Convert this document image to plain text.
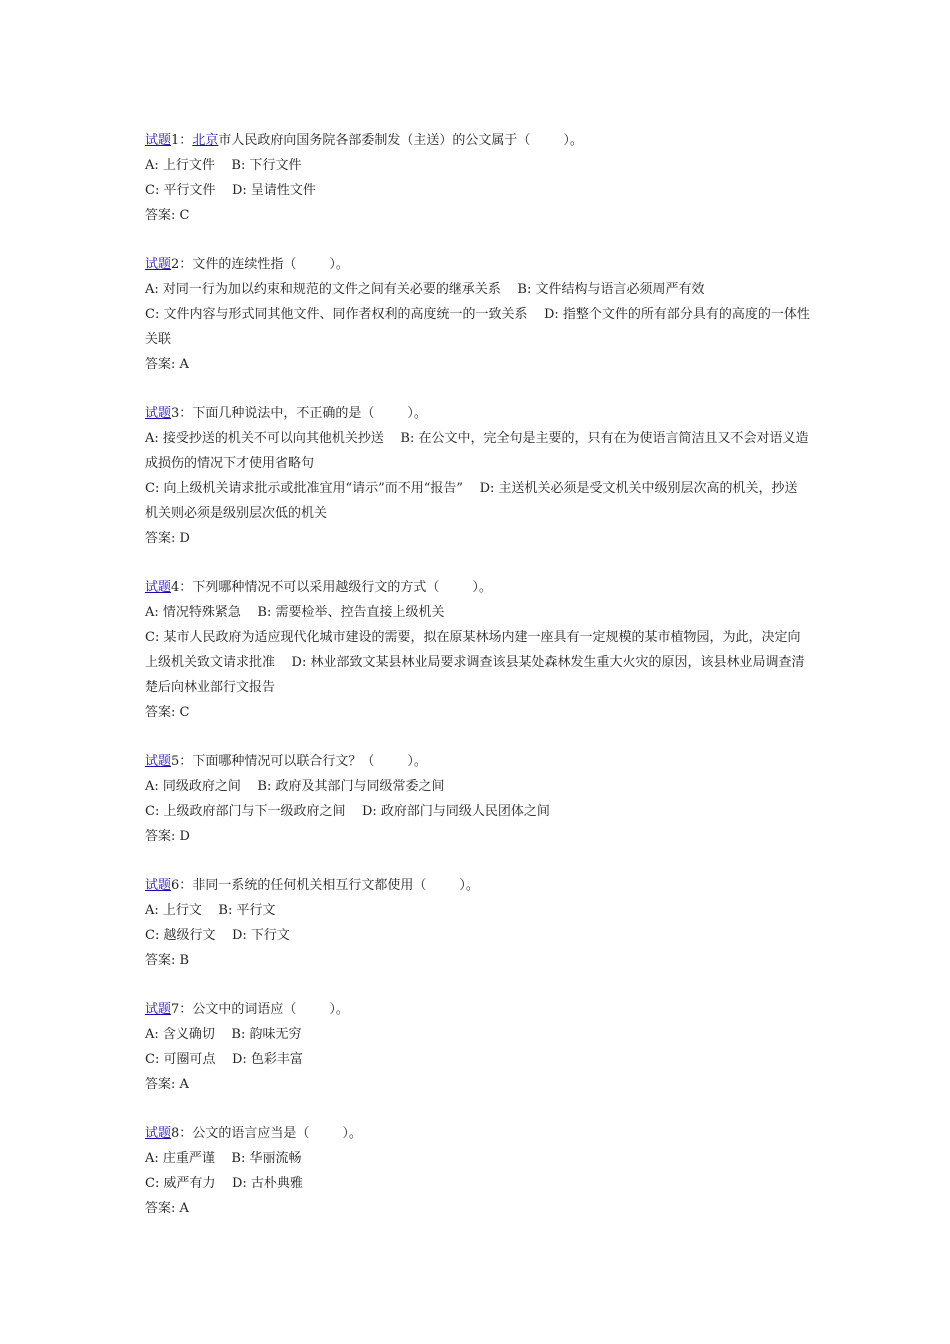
试题1：北京市人民政府向国务院各部委制发（主送）的公文属于（        ）。
A: 上行文件    B: 下行文件
C: 平行文件    D: 呈请性文件
答案: C
试题2：文件的连续性指（        ）。
A: 对同一行为加以约束和规范的文件之间有关必要的继承关系    B: 文件结构与语言必须周严有效
C: 文件内容与形式同其他文件、同作者权利的高度统一的一致关系    D: 指整个文件的所有部分具有的高度的一体性关联
答案: A
试题3：下面几种说法中，不正确的是（        ）。
A: 接受抄送的机关不可以向其他机关抄送    B: 在公文中，完全句是主要的，只有在为使语言简洁且又不会对语义造成损伤的情况下才使用省略句
C: 向上级机关请求批示或批准宜用“请示”而不用“报告”    D: 主送机关必须是受文机关中级别层次高的机关，抄送机关则必须是级别层次低的机关
答案: D
试题4：下列哪种情况不可以采用越级行文的方式（        ）。
A: 情况特殊紧急    B: 需要检举、控告直接上级机关
C: 某市人民政府为适应现代化城市建设的需要，拟在原某林场内建一座具有一定规模的某市植物园，为此，决定向上级机关致文请求批准    D: 林业部致文某县林业局要求调查该县某处森林发生重大火灾的原因，该县林业局调查清楚后向林业部行文报告
答案: C
试题5：下面哪种情况可以联合行文？（        ）。
A: 同级政府之间    B: 政府及其部门与同级常委之间
C: 上级政府部门与下一级政府之间    D: 政府部门与同级人民团体之间
答案: D
试题6：非同一系统的任何机关相互行文都使用（        ）。
A: 上行文    B: 平行文
C: 越级行文    D: 下行文
答案: B
试题7：公文中的词语应（        ）。
A: 含义确切    B: 韵味无穷
C: 可圈可点    D: 色彩丰富
答案: A
试题8：公文的语言应当是（        ）。
A: 庄重严谨    B: 华丽流畅
C: 威严有力    D: 古朴典雅
答案: A
